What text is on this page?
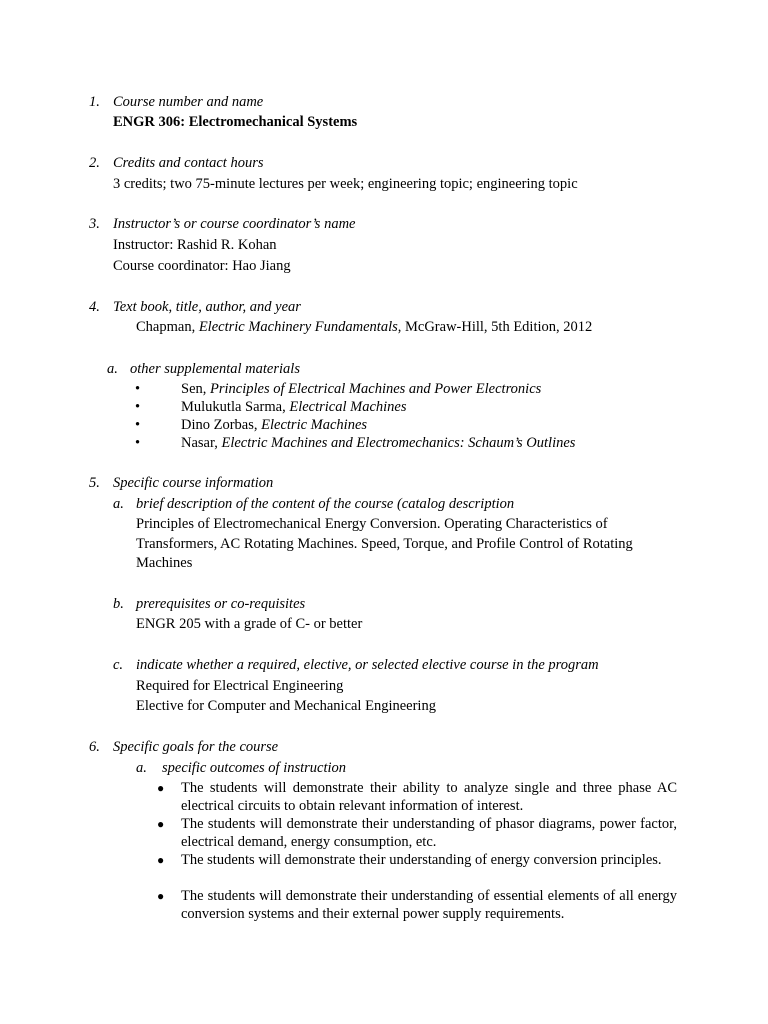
1. Course number and name
ENGR 306: Electromechanical Systems
2. Credits and contact hours
3 credits; two 75-minute lectures per week; engineering topic; engineering topic
3. Instructor’s or course coordinator’s name
Instructor: Rashid R. Kohan
Course coordinator: Hao Jiang
4. Text book, title, author, and year
Chapman, Electric Machinery Fundamentals, McGraw-Hill, 5th Edition, 2012
a. other supplemental materials
•	Sen, Principles of Electrical Machines and Power Electronics
•	Mulukutla Sarma, Electrical Machines
•	Dino Zorbas, Electric Machines
•	Nasar, Electric Machines and Electromechanics: Schaum’s Outlines
5. Specific course information
a. brief description of the content of the course (catalog description
Principles of Electromechanical Energy Conversion. Operating Characteristics of Transformers, AC Rotating Machines. Speed, Torque, and Profile Control of Rotating Machines
b. prerequisites or co-requisites
ENGR 205 with a grade of C- or better
c. indicate whether a required, elective, or selected elective course in the program
Required for Electrical Engineering
Elective for Computer and Mechanical Engineering
6. Specific goals for the course
a. specific outcomes of instruction
● The students will demonstrate their ability to analyze single and three phase AC electrical circuits to obtain relevant information of interest.
● The students will demonstrate their understanding of phasor diagrams, power factor, electrical demand, energy consumption, etc.
● The students will demonstrate their understanding of energy conversion principles.
● The students will demonstrate their understanding of essential elements of all energy conversion systems and their external power supply requirements.
